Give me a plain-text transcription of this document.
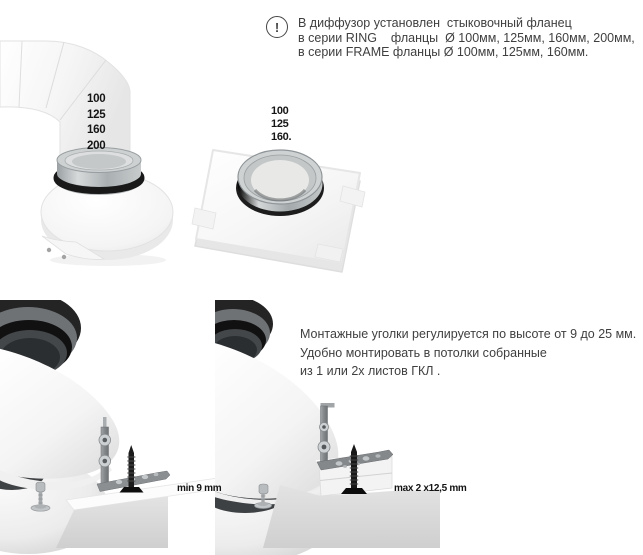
100
125
160
200
100
125
160.
! В диффузор установлен  стыковочный фланец
в серии RING    фланцы  Ø 100мм, 125мм, 160мм, 200мм,
в серии FRAME фланцы Ø 100мм, 125мм, 160мм.
min 9 mm	max 2 x12,5 mm
Монтажные уголки регулируется по высоте от 9 до 25 мм.
Удобно монтировать в потолки собранные
из 1 или 2х листов ГКЛ .
